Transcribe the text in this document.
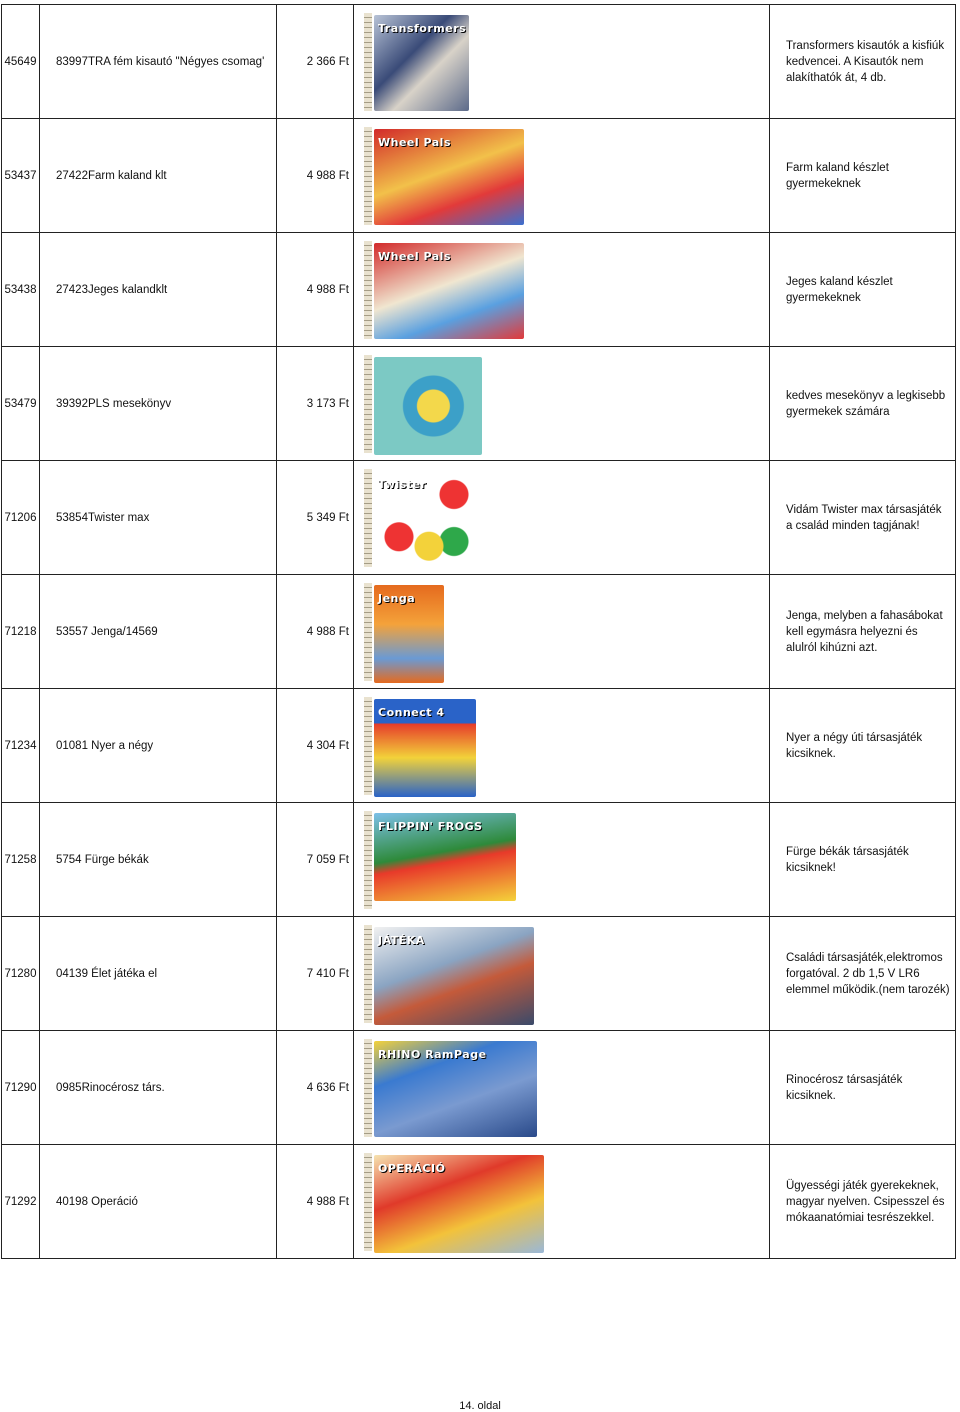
45649	83997TRA fém kisautó "Négyes csomag'	2 366 Ft	Transformers	Transformers kisautók a kisfiúk kedvencei. A Kisautók nem alakíthatók át, 4 db.
53437	27422Farm kaland klt	4 988 Ft	Wheel Pals	Farm kaland készlet gyermekeknek
53438	27423Jeges kalandklt	4 988 Ft	Wheel Pals	Jeges kaland készlet gyermekeknek
53479	39392PLS mesekönyv	3 173 Ft		kedves mesekönyv a legkisebb gyermekek számára
71206	53854Twister max	5 349 Ft	Twister	Vidám Twister max társasjáték a család minden tagjának!
71218	53557 Jenga/14569	4 988 Ft	Jenga	Jenga, melyben a fahasábokat kell egymásra helyezni és alulról kihúzni azt.
71234	01081 Nyer a négy	4 304 Ft	Connect 4	Nyer a négy úti társasjáték kicsiknek.
71258	5754 Fürge békák	7 059 Ft	FLIPPIN' FROGS	Fürge békák társasjáték kicsiknek!
71280	04139 Élet játéka el	7 410 Ft	JÁTÉKA	Családi társasjáték,elektromos forgatóval. 2 db 1,5 V LR6 elemmel működik.(nem tarozék)
71290	0985Rinocérosz társ.	4 636 Ft	RHINO RamPage	Rinocérosz társasjáték kicsiknek.
71292	40198 Operáció	4 988 Ft	OPERÁCIÓ	Ügyességi játék gyerekeknek, magyar nyelven. Csipesszel és mókaanatómiai tesrészekkel.
14. oldal
